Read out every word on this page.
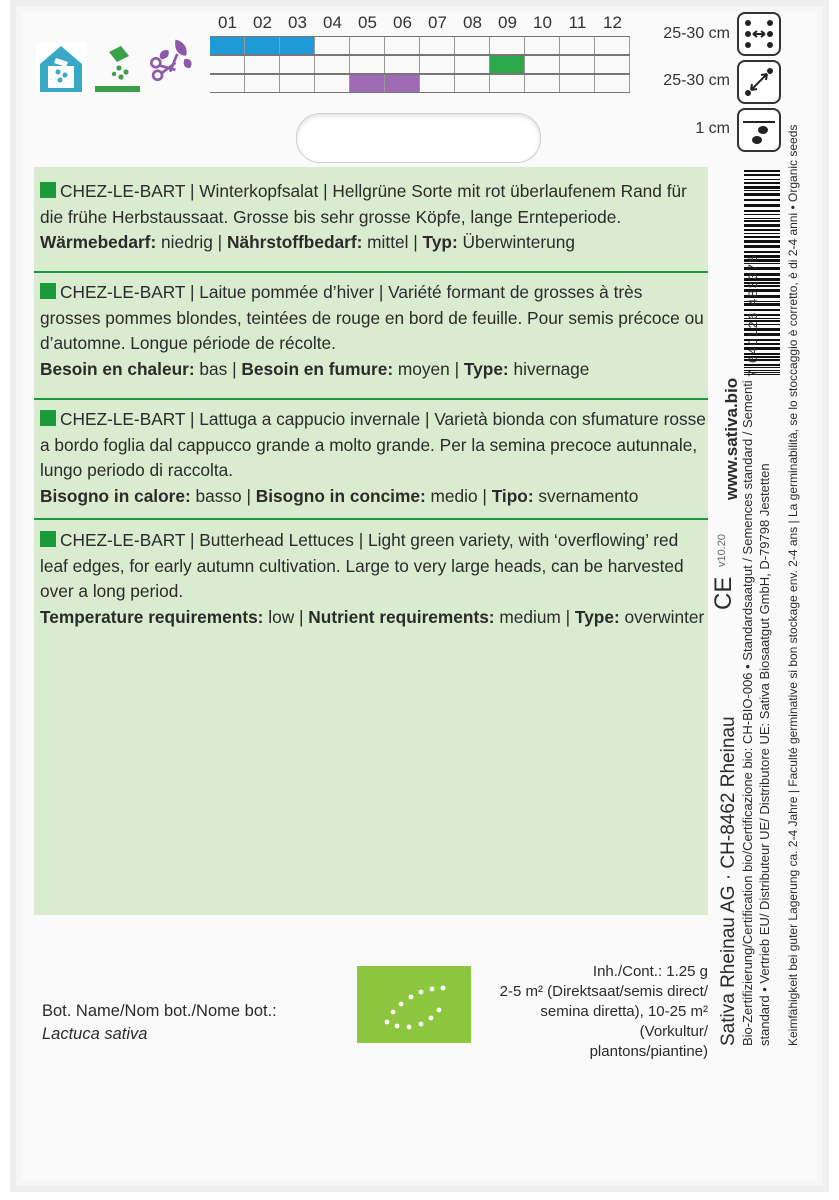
01 02 03 04 05 06 07 08 09 10 11 12
25-30 cm
25-30 cm
1 cm
CHEZ-LE-BART | Winterkopfsalat | Hellgrüne Sorte mit rot überlaufenem Rand für die frühe Herbstaussaat. Grosse bis sehr grosse Köpfe, lange Ernteperiode.
Wärmebedarf: niedrig | Nährstoffbedarf: mittel | Typ: Überwinterung
CHEZ-LE-BART | Laitue pommée d’hiver | Variété formant de grosses à très grosses pommes blondes, teintées de rouge en bord de feuille. Pour semis précoce ou d’automne. Longue période de récolte.
Besoin en chaleur: bas | Besoin en fumure: moyen | Type: hivernage
CHEZ-LE-BART | Lattuga a cappucio invernale | Varietà bionda con sfumature rosse a bordo foglia dal cappucco grande a molto grande. Per la semina precoce autunnale, lungo periodo di raccolta.
Bisogno in calore: basso | Bisogno in concime: medio | Tipo: svernamento
CHEZ-LE-BART | Butterhead Lettuces | Light green variety, with ‘overflowing’ red leaf edges, for early autumn cultivation. Large to very large heads, can be harvested over a long period.
Temperature requirements: low | Nutrient requirements: medium | Type: overwinter
Bot. Name/Nom bot./Nome bot.:
Lactuca sativa
Inh./Cont.: 1.25 g
2-5 m² (Direktsaat/semis direct/
semina diretta), 10-25 m² (Vorkultur/
plantons/piantine)
Sativa Rheinau AG · CH-8462 Rheinau Bio-Zertifizierung/Certification bio/Certificazione bio: CH-BIO-006 • Standardsaatgut / Semences standard / Sementi standard • Vertrieb EU/ Distributeur UE/ Distributore UE: Sativa Biosaatgut GmbH, D-79798 Jestetten Keimfähigkeit bei guter Lagerung ca. 2-4 Jahre | Faculté germinative si bon stockage env. 2-4 ans | La germinabilità, se lo stoccaggio è corretto, è di 2-4 anni • Organic seeds
www.sativa.bio
v10.20
CE
7 640126 483375
